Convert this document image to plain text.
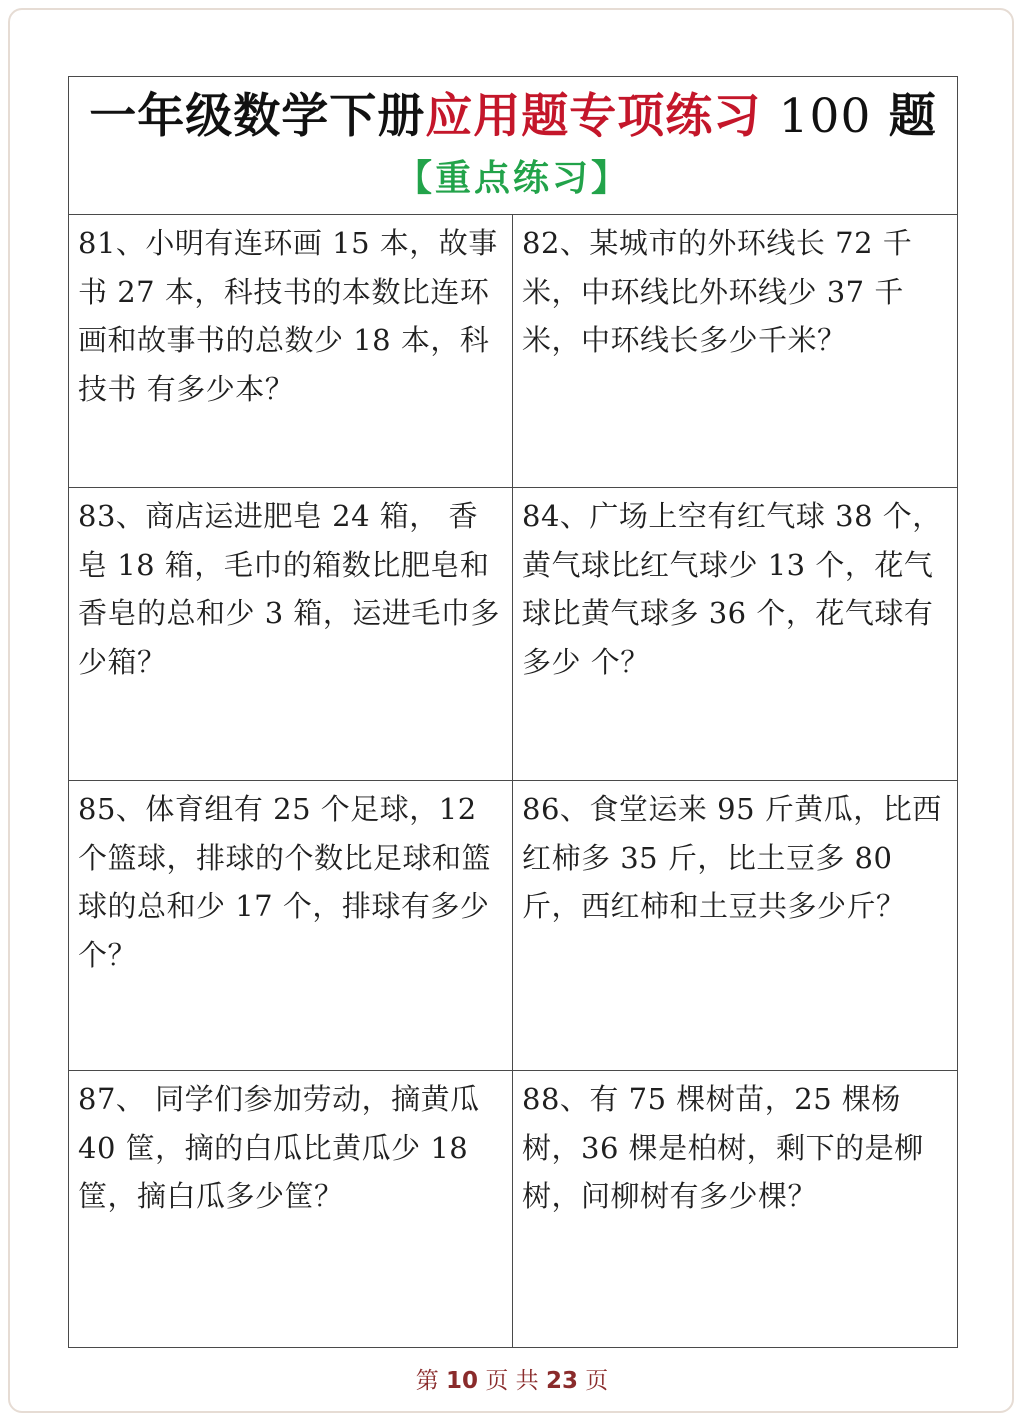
一年级数学下册应用题专项练习 100 题
【重点练习】
81、小明有连环画 15 本，故事书 27 本，科技书的本数比连环画和故事书的总数少 18 本，科技书 有多少本？
82、某城市的外环线长 72 千米，中环线比外环线少 37 千米，中环线长多少千米？
83、商店运进肥皂 24 箱， 香皂 18 箱，毛巾的箱数比肥皂和香皂的总和少 3 箱，运进毛巾多少箱？
84、广场上空有红气球 38 个，黄气球比红气球少 13 个，花气球比黄气球多 36 个，花气球有多少 个？
85、体育组有 25 个足球，12 个篮球，排球的个数比足球和篮球的总和少 17 个，排球有多少个？
86、食堂运来 95 斤黄瓜，比西红柿多 35 斤，比土豆多 80 斤，西红柿和土豆共多少斤？
87、 同学们参加劳动，摘黄瓜 40 筐，摘的白瓜比黄瓜少 18 筐，摘白瓜多少筐？
88、有 75 棵树苗，25 棵杨树，36 棵是柏树，剩下的是柳树，问柳树有多少棵？
第 10 页 共 23 页
